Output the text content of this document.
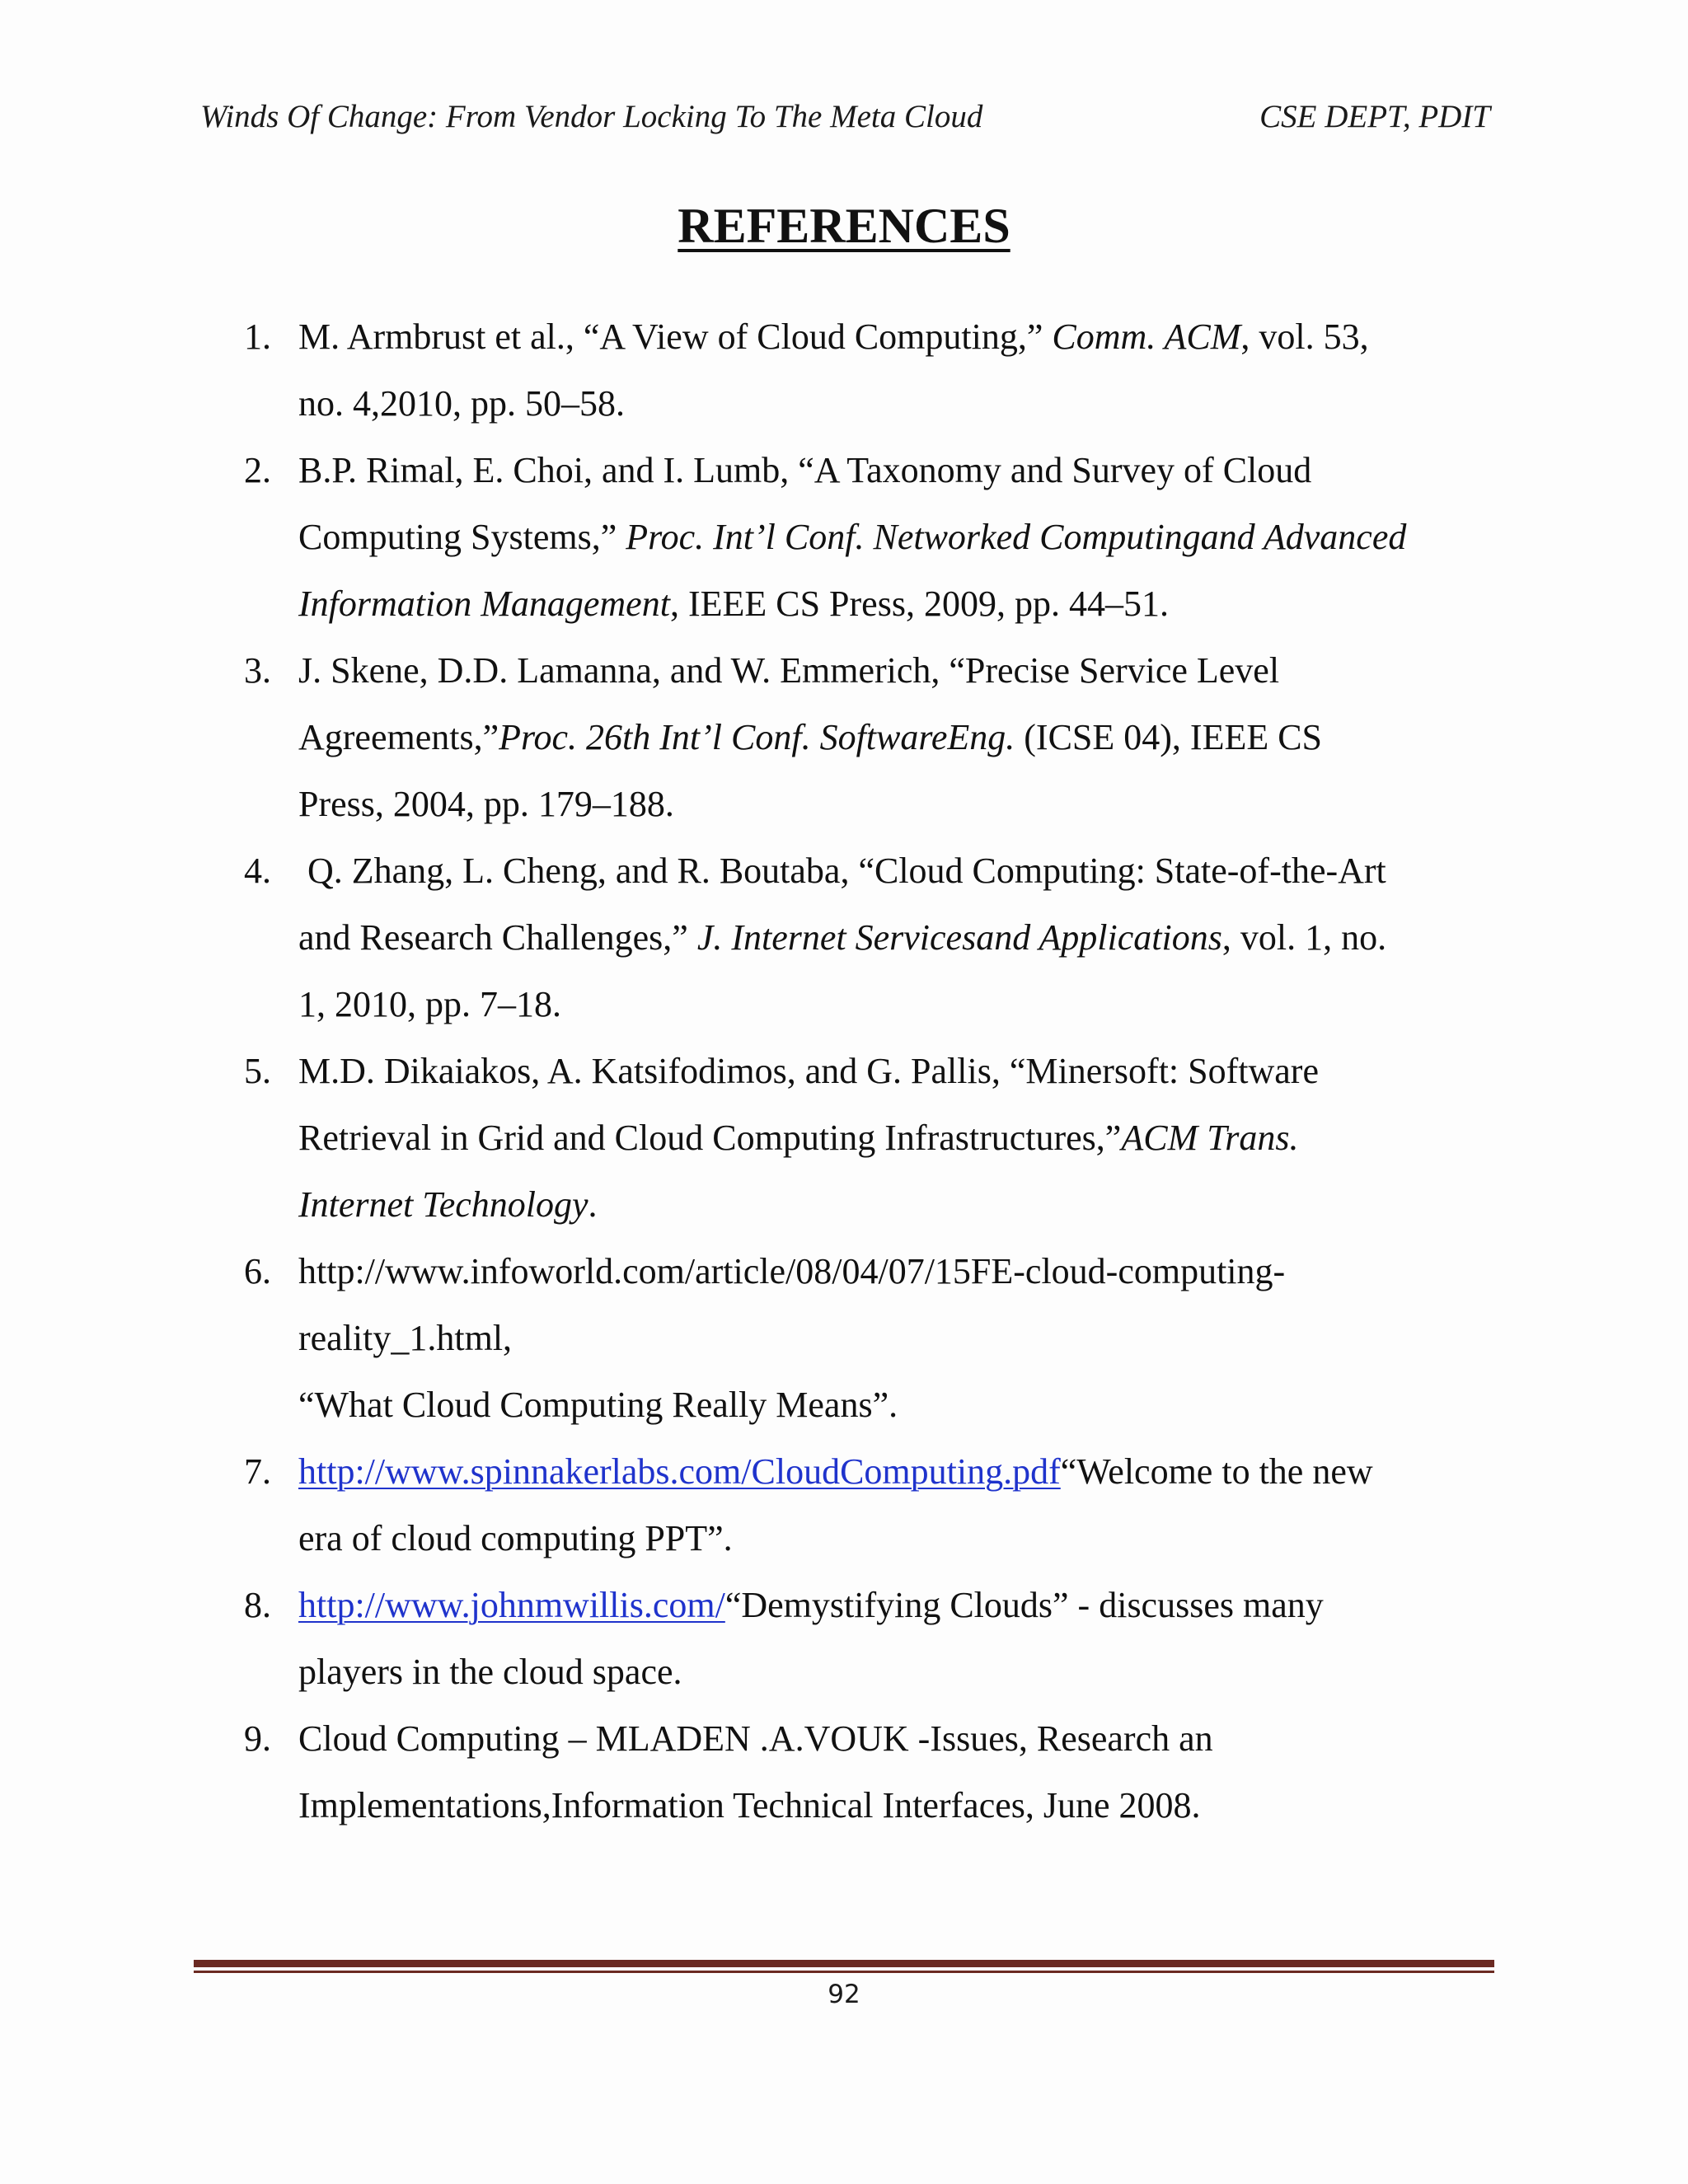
Winds Of Change: From Vendor Locking To The Meta Cloud	CSE DEPT, PDIT
REFERENCES
1. M. Armbrust et al., “A View of Cloud Computing,” Comm. ACM, vol. 53,
no. 4,2010, pp. 50–58.
2. B.P. Rimal, E. Choi, and I. Lumb, “A Taxonomy and Survey of Cloud
Computing Systems,” Proc. Int’l Conf. Networked Computingand Advanced
Information Management, IEEE CS Press, 2009, pp. 44–51.
3. J. Skene, D.D. Lamanna, and W. Emmerich, “Precise Service Level
Agreements,”Proc. 26th Int’l Conf. SoftwareEng. (ICSE 04), IEEE CS
Press, 2004, pp. 179–188.
4. Q. Zhang, L. Cheng, and R. Boutaba, “Cloud Computing: State-of-the-Art
and Research Challenges,” J. Internet Servicesand Applications, vol. 1, no.
1, 2010, pp. 7–18.
5. M.D. Dikaiakos, A. Katsifodimos, and G. Pallis, “Minersoft: Software
Retrieval in Grid and Cloud Computing Infrastructures,”ACM Trans.
Internet Technology.
6. http://www.infoworld.com/article/08/04/07/15FE-cloud-computing-
reality_1.html,
“What Cloud Computing Really Means”.
7. http://www.spinnakerlabs.com/CloudComputing.pdf“Welcome to the new
era of cloud computing PPT”.
8. http://www.johnmwillis.com/“Demystifying Clouds” - discusses many
players in the cloud space.
9. Cloud Computing – MLADEN .A.VOUK -Issues, Research an
Implementations,Information Technical Interfaces, June 2008.
92
